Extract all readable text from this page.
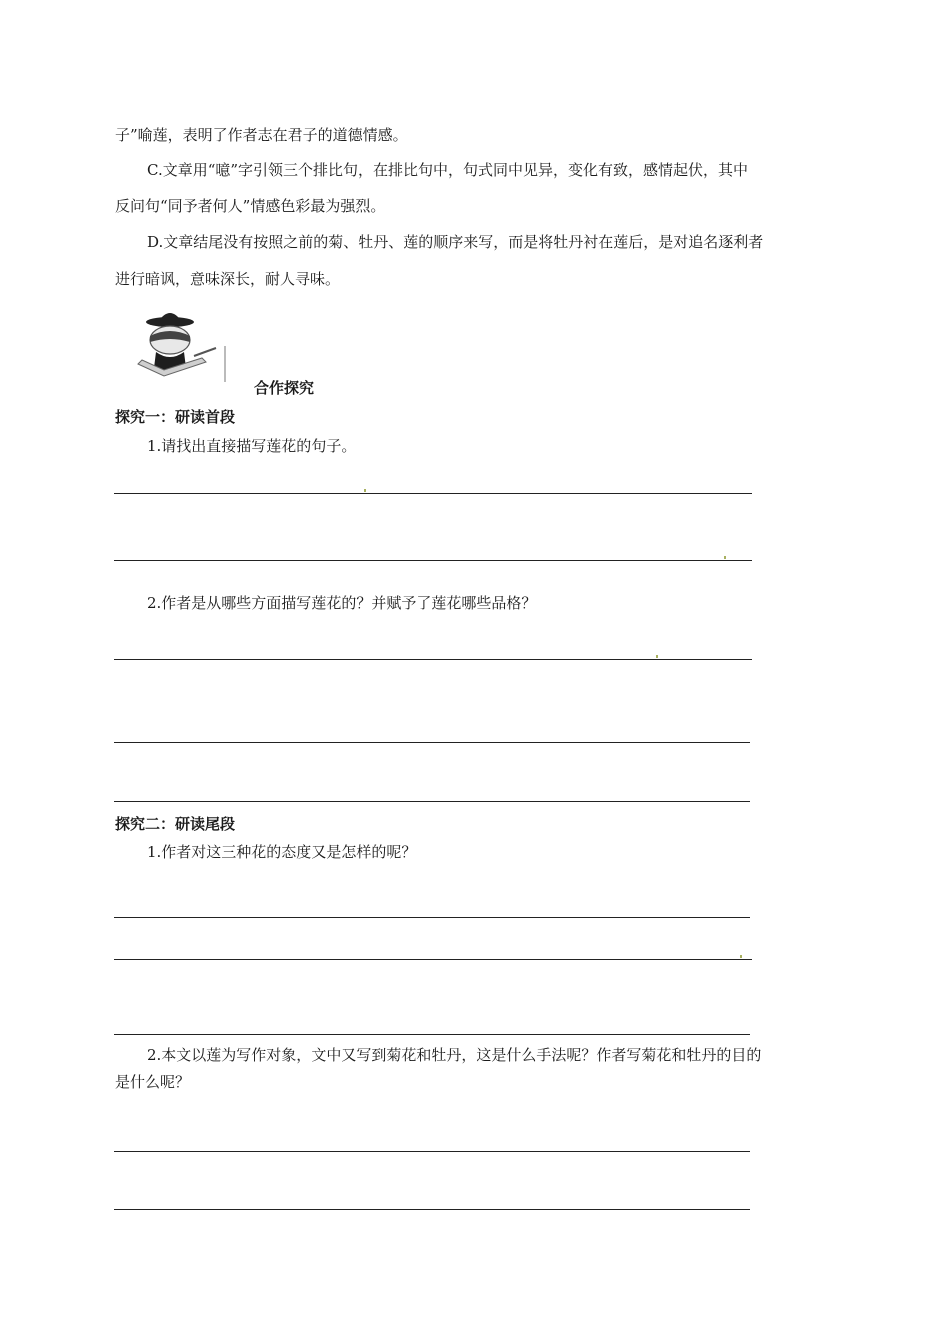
子”喻莲，表明了作者志在君子的道德情感。
C.文章用“噫”字引领三个排比句，在排比句中，句式同中见异，变化有致，感情起伏，其中
反问句“同予者何人”情感色彩最为强烈。
D.文章结尾没有按照之前的菊、牡丹、莲的顺序来写，而是将牡丹衬在莲后，是对追名逐利者
进行暗讽，意味深长，耐人寻味。
合作探究
探究一：研读首段
1.请找出直接描写莲花的句子。
2.作者是从哪些方面描写莲花的？并赋予了莲花哪些品格？
探究二：研读尾段
1.作者对这三种花的态度又是怎样的呢？
2.本文以莲为写作对象，文中又写到菊花和牡丹，这是什么手法呢？作者写菊花和牡丹的目的
是什么呢？
